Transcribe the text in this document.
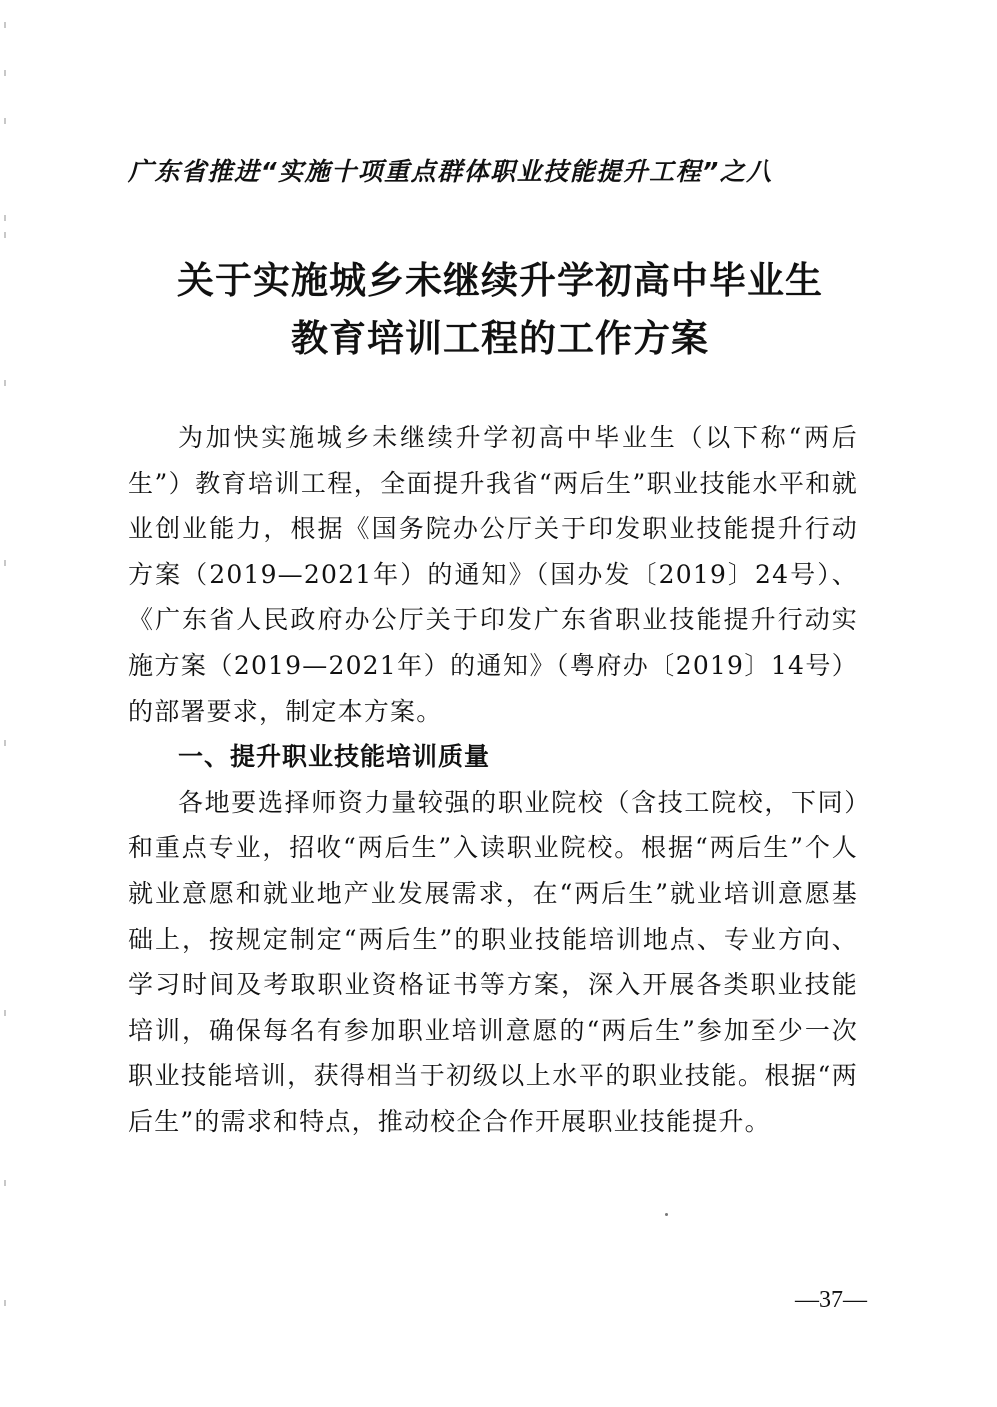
广东省推进“实施十项重点群体职业技能提升工程”之八
关于实施城乡未继续升学初高中毕业生
教育培训工程的工作方案

为加快实施城乡未继续升学初高中毕业生（以下称“两后生”）教育培训工程，全面提升我省“两后生”职业技能水平和就业创业能力，根据《国务院办公厅关于印发职业技能提升行动方案（2019—2021年）的通知》（国办发〔2019〕24号）、《广东省人民政府办公厅关于印发广东省职业技能提升行动实施方案（2019—2021年）的通知》（粤府办〔2019〕14号）的部署要求，制定本方案。

一、提升职业技能培训质量

各地要选择师资力量较强的职业院校（含技工院校，下同）和重点专业，招收“两后生”入读职业院校。根据“两后生”个人就业意愿和就业地产业发展需求，在“两后生”就业培训意愿基础上，按规定制定“两后生”的职业技能培训地点、专业方向、学习时间及考取职业资格证书等方案，深入开展各类职业技能培训，确保每名有参加职业培训意愿的“两后生”参加至少一次职业技能培训，获得相当于初级以上水平的职业技能。根据“两后生”的需求和特点，推动校企合作开展职业技能提升。

—37—
